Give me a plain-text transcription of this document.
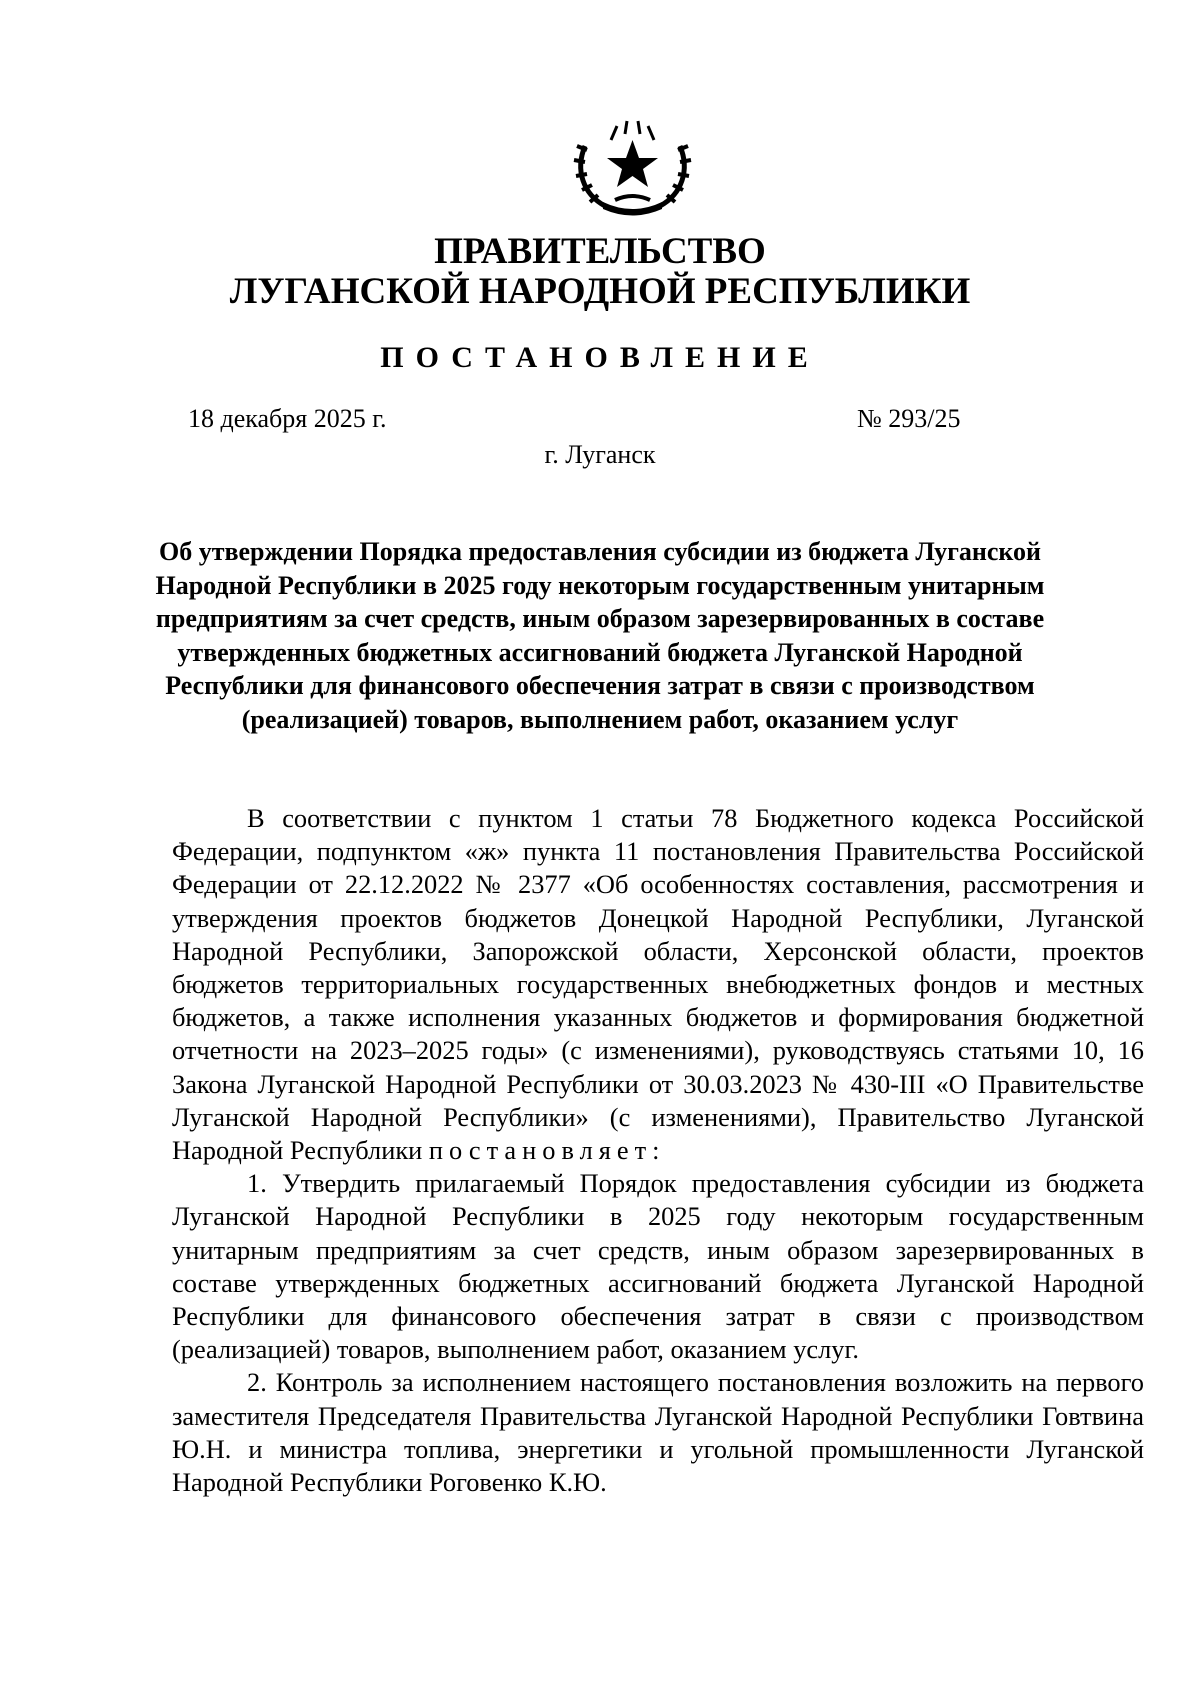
ПРАВИТЕЛЬСТВО
ЛУГАНСКОЙ НАРОДНОЙ РЕСПУБЛИКИ
ПОСТАНОВЛЕНИЕ
18 декабря 2025 г.	№ 293/25
г. Луганск

Об утверждении Порядка предоставления субсидии из бюджета Луганской Народной Республики в 2025 году некоторым государственным унитарным предприятиям за счет средств, иным образом зарезервированных в составе утвержденных бюджетных ассигнований бюджета Луганской Народной Республики для финансового обеспечения затрат в связи с производством (реализацией) товаров, выполнением работ, оказанием услуг

В соответствии с пунктом 1 статьи 78 Бюджетного кодекса Российской Федерации, подпунктом «ж» пункта 11 постановления Правительства Российской Федерации от 22.12.2022 № 2377 «Об особенностях составления, рассмотрения и утверждения проектов бюджетов Донецкой Народной Республики, Луганской Народной Республики, Запорожской области, Херсонской области, проектов бюджетов территориальных государственных внебюджетных фондов и местных бюджетов, а также исполнения указанных бюджетов и формирования бюджетной отчетности на 2023–2025 годы» (с изменениями), руководствуясь статьями 10, 16 Закона Луганской Народной Республики от 30.03.2023 № 430-III «О Правительстве Луганской Народной Республики» (с изменениями), Правительство Луганской Народной Республики постановляет:

1. Утвердить прилагаемый Порядок предоставления субсидии из бюджета Луганской Народной Республики в 2025 году некоторым государственным унитарным предприятиям за счет средств, иным образом зарезервированных в составе утвержденных бюджетных ассигнований бюджета Луганской Народной Республики для финансового обеспечения затрат в связи с производством (реализацией) товаров, выполнением работ, оказанием услуг.

2. Контроль за исполнением настоящего постановления возложить на первого заместителя Председателя Правительства Луганской Народной Республики Говтвина Ю.Н. и министра топлива, энергетики и угольной промышленности Луганской Народной Республики Роговенко К.Ю.
